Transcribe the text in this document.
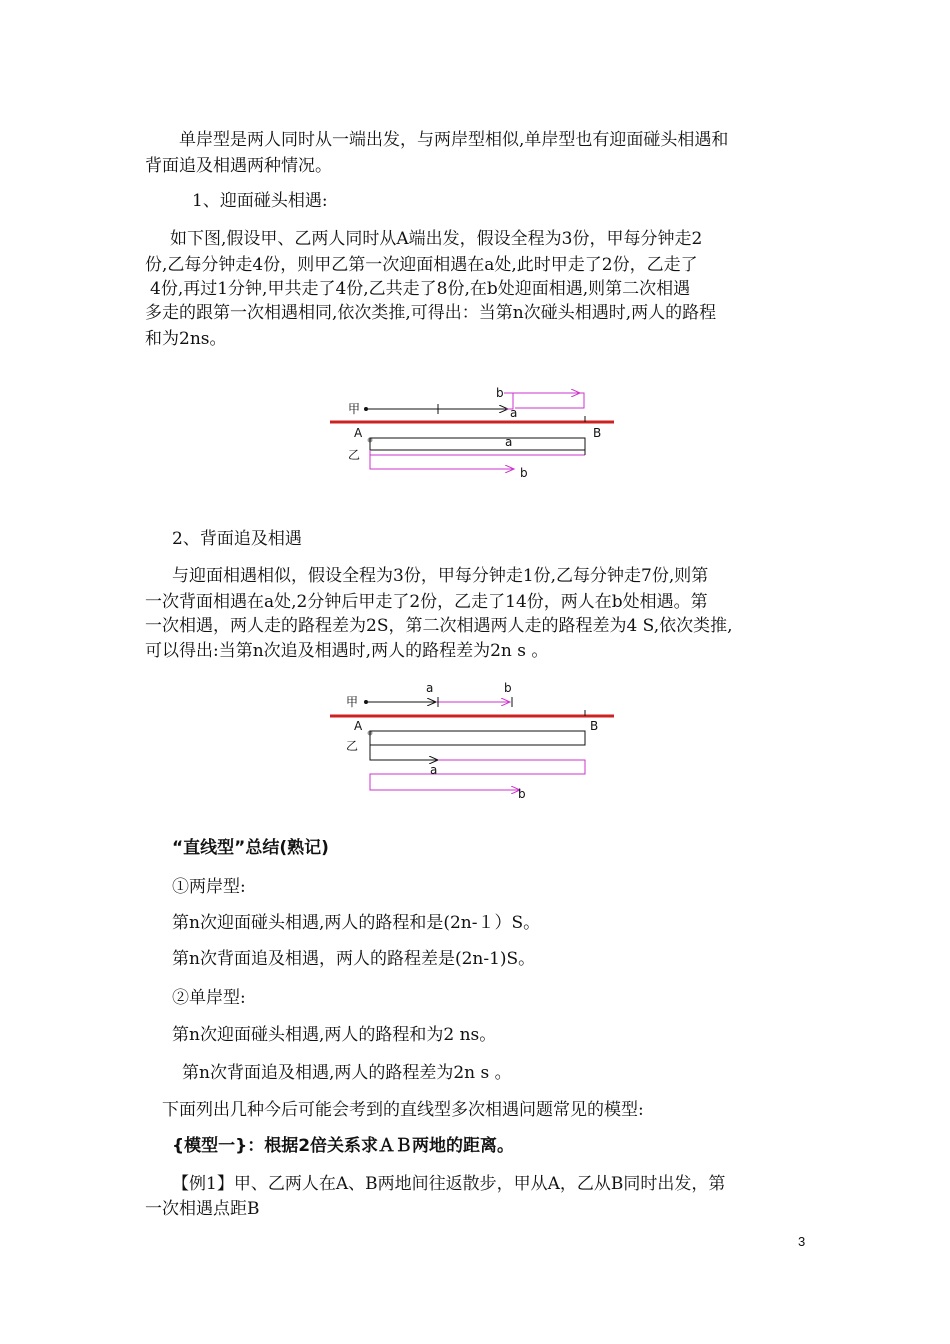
单岸型是两人同时从一端出发，与两岸型相似,单岸型也有迎面碰头相遇和

背面追及相遇两种情况。

1、迎面碰头相遇:

如下图,假设甲、乙两人同时从A端出发，假设全程为3份，甲每分钟走2

份,乙每分钟走4份，则甲乙第一次迎面相遇在a处,此时甲走了2份，乙走了

4份,再过1分钟,甲共走了4份,乙共走了8份,在b处迎面相遇,则第二次相遇

多走的跟第一次相遇相同,依次类推,可得出：当第n次碰头相遇时,两人的路程

和为2ns。

甲
b
a
A	B
a
乙
b

2、背面追及相遇

与迎面相遇相似，假设全程为3份，甲每分钟走1份,乙每分钟走7份,则第

一次背面相遇在a处,2分钟后甲走了2份，乙走了14份，两人在b处相遇。第

一次相遇，两人走的路程差为2S，第二次相遇两人走的路程差为4 S,依次类推,

可以得出:当第n次追及相遇时,两人的路程差为2n s 。

甲
a	b
A	B
乙
a
b

“直线型”总结(熟记)

①两岸型:

第n次迎面碰头相遇,两人的路程和是(2n-１）S。

第n次背面追及相遇，两人的路程差是(2n-1)S。

②单岸型:

第n次迎面碰头相遇,两人的路程和为2 ns。

第n次背面追及相遇,两人的路程差为2n s 。

下面列出几种今后可能会考到的直线型多次相遇问题常见的模型:

{模型一}：根据2倍关系求ＡＢ两地的距离。

【例1】甲、乙两人在A、B两地间往返散步，甲从A，乙从B同时出发，第

一次相遇点距B

3
